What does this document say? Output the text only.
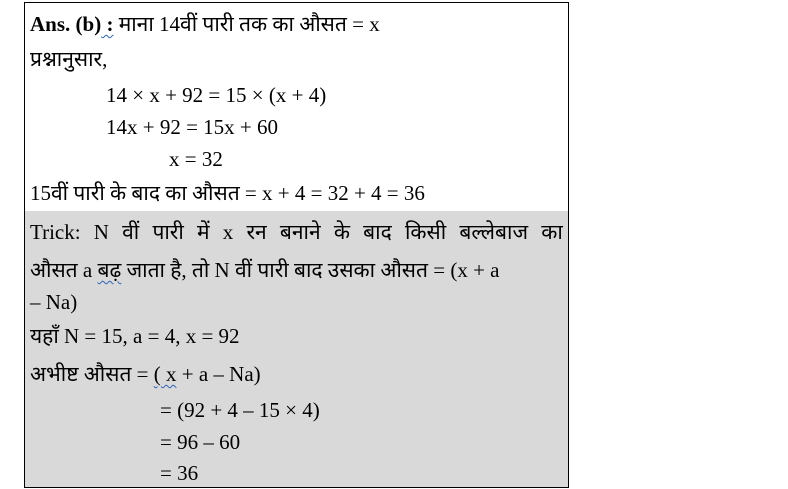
Ans. (b) : माना 14वीं पारी तक का औसत = x
प्रश्नानुसार,
14 × x + 92 = 15 × (x + 4)
14x + 92 = 15x + 60
x = 32
15वीं पारी के बाद का औसत = x + 4 = 32 + 4 = 36
Trick: N वीं पारी में x रन बनाने के बाद किसी बल्लेबाज का
औसत a बढ़ जाता है, तो N वीं पारी बाद उसका औसत = (x + a
– Na)
यहाँ N = 15, a = 4, x = 92
अभीष्ट औसत = ( x + a – Na)
= (92 + 4 – 15 × 4)
= 96 – 60
= 36
